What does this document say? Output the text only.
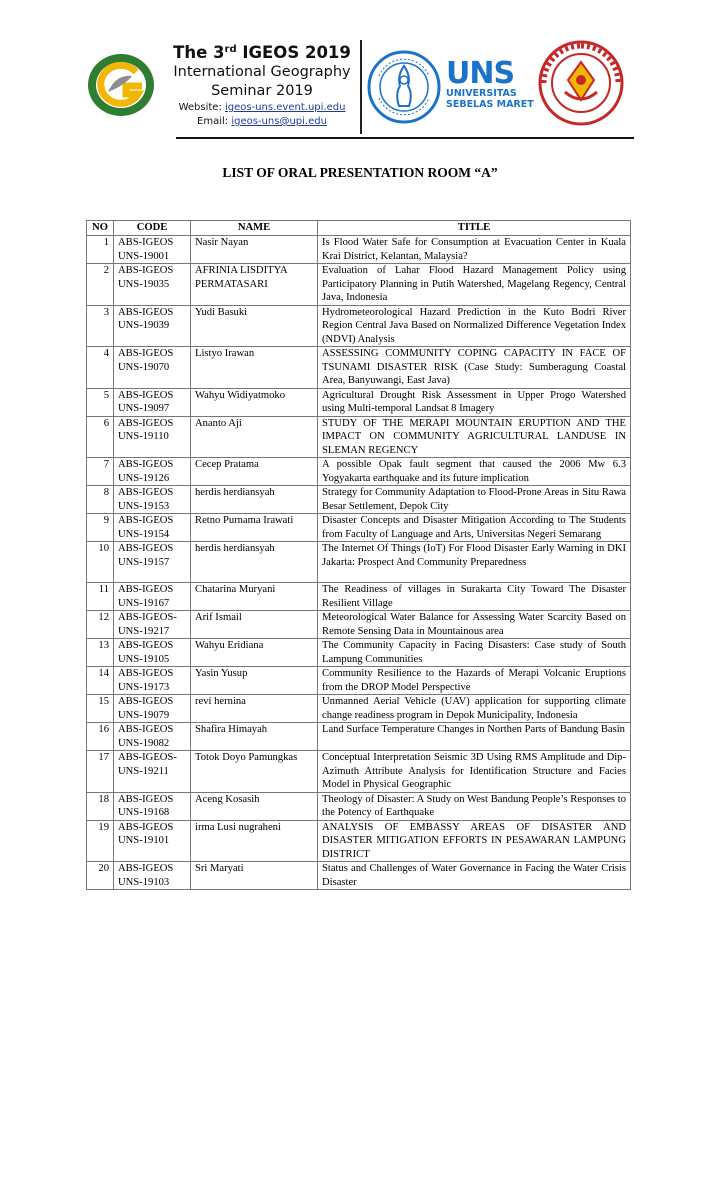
The 3rd IGEOS 2019
International Geography
Seminar 2019
Website: igeos-uns.event.upi.edu
Email: igeos-uns@upi.edu
UNS
UNIVERSITAS
SEBELAS MARET
LIST OF ORAL PRESENTATION ROOM “A”
NO	CODE	NAME	TITLE
1	ABS-IGEOS UNS-19001	Nasir Nayan	Is Flood Water Safe for Consumption at Evacuation Center in Kuala Krai District, Kelantan, Malaysia?
2	ABS-IGEOS UNS-19035	AFRINIA LISDITYA PERMATASARI	Evaluation of Lahar Flood Hazard Management Policy using Participatory Planning in Putih Watershed, Magelang Regency, Central Java, Indonesia
3	ABS-IGEOS UNS-19039	Yudi Basuki	Hydrometeorological Hazard Prediction in the Kuto Bodri River Region Central Java Based on Normalized Difference Vegetation Index (NDVI) Analysis
4	ABS-IGEOS UNS-19070	Listyo Irawan	ASSESSING COMMUNITY COPING CAPACITY IN FACE OF TSUNAMI DISASTER RISK (Case Study: Sumberagung Coastal Area, Banyuwangi, East Java)
5	ABS-IGEOS UNS-19097	Wahyu Widiyatmoko	Agricultural Drought Risk Assessment in Upper Progo Watershed using Multi-temporal Landsat 8 Imagery
6	ABS-IGEOS UNS-19110	Ananto Aji	STUDY OF THE MERAPI MOUNTAIN ERUPTION AND THE IMPACT ON COMMUNITY AGRICULTURAL LANDUSE IN SLEMAN REGENCY
7	ABS-IGEOS UNS-19126	Cecep Pratama	A possible Opak fault segment that caused the 2006 Mw 6.3 Yogyakarta earthquake and its future implication
8	ABS-IGEOS UNS-19153	herdis herdiansyah	Strategy for Community Adaptation to Flood-Prone Areas in Situ Rawa Besar Settlement, Depok City
9	ABS-IGEOS UNS-19154	Retno Purnama Irawati	Disaster Concepts and Disaster Mitigation According to The Students from Faculty of Language and Arts, Universitas Negeri Semarang
10	ABS-IGEOS UNS-19157	herdis herdiansyah	The Internet Of Things (IoT) For Flood Disaster Early Warning in DKI Jakarta: Prospect And Community Preparedness
11	ABS-IGEOS UNS-19167	Chatarina Muryani	The Readiness of villages in Surakarta City Toward The Disaster Resilient Village
12	ABS-IGEOS- UNS-19217	Arif Ismail	Meteorological Water Balance for Assessing Water Scarcity Based on Remote Sensing Data in Mountainous area
13	ABS-IGEOS UNS-19105	Wahyu Eridiana	The Community Capacity in Facing Disasters: Case study of South Lampung Communities
14	ABS-IGEOS UNS-19173	Yasin Yusup	Community Resilience to the Hazards of Merapi Volcanic Eruptions from the DROP Model Perspective
15	ABS-IGEOS UNS-19079	revi hernina	Unmanned Aerial Vehicle (UAV) application for supporting climate change readiness program in Depok Municipality, Indonesia
16	ABS-IGEOS UNS-19082	Shafira Himayah	Land Surface Temperature Changes in Northen Parts of Bandung Basin
17	ABS-IGEOS- UNS-19211	Totok Doyo Pamungkas	Conceptual Interpretation Seismic 3D Using RMS Amplitude and Dip-Azimuth Attribute Analysis for Identification Structure and Facies Model in Physical Geographic
18	ABS-IGEOS UNS-19168	Aceng Kosasih	Theology of Disaster: A Study on West Bandung People’s Responses to the Potency of Earthquake
19	ABS-IGEOS UNS-19101	irma Lusi nugraheni	ANALYSIS OF EMBASSY AREAS OF DISASTER AND DISASTER MITIGATION EFFORTS IN PESAWARAN LAMPUNG DISTRICT
20	ABS-IGEOS UNS-19103	Sri Maryati	Status and Challenges of Water Governance in Facing the Water Crisis Disaster
